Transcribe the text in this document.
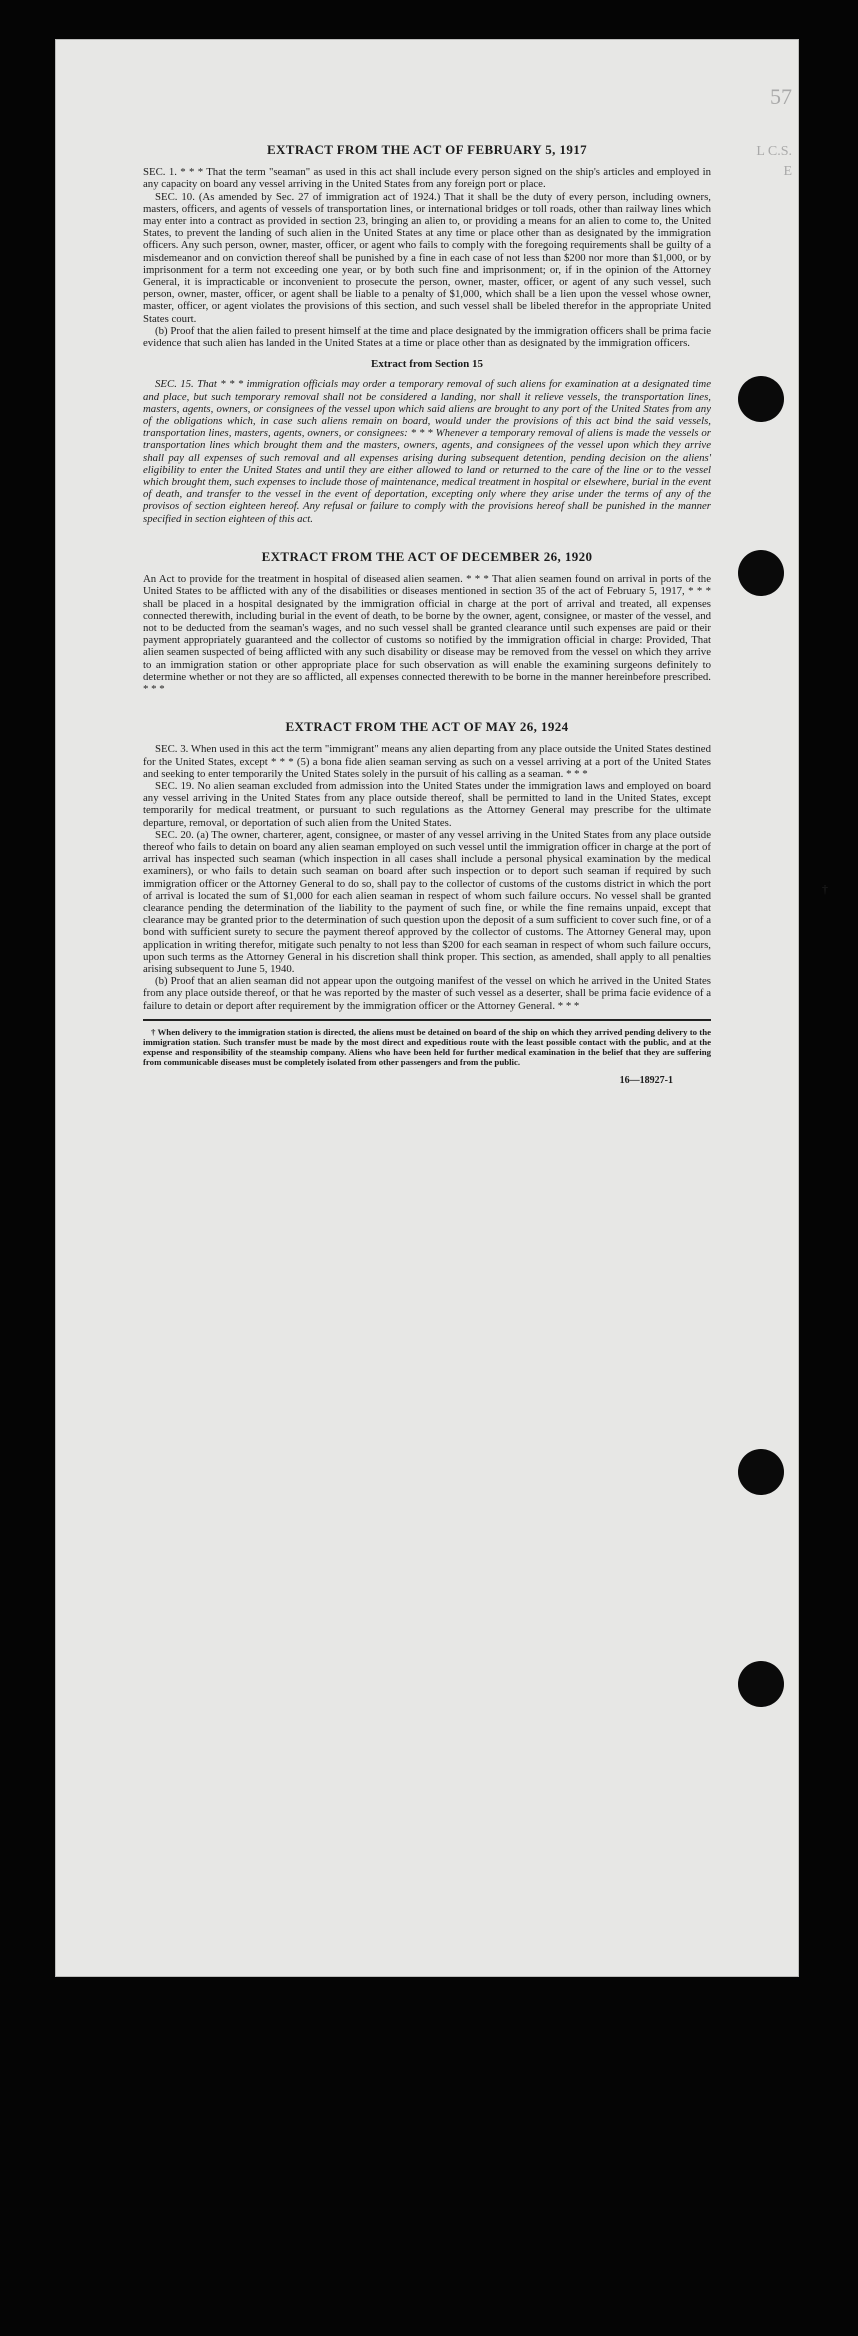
57
L C.S.
E
EXTRACT FROM THE ACT OF FEBRUARY 5, 1917

SEC. 1. * * * That the term "seaman" as used in this act shall include every person signed on the ship's articles and employed in any capacity on board any vessel arriving in the United States from any foreign port or place.

SEC. 10. (As amended by Sec. 27 of immigration act of 1924.) That it shall be the duty of every person, including owners, masters, officers, and agents of vessels of transportation lines, or international bridges or toll roads, other than railway lines which may enter into a contract as provided in section 23, bringing an alien to, or providing a means for an alien to come to, the United States, to prevent the landing of such alien in the United States at any time or place other than as designated by the immigration officers. Any such person, owner, master, officer, or agent who fails to comply with the foregoing requirements shall be guilty of a misdemeanor and on conviction thereof shall be punished by a fine in each case of not less than $200 nor more than $1,000, or by imprisonment for a term not exceeding one year, or by both such fine and imprisonment; or, if in the opinion of the Attorney General, it is impracticable or inconvenient to prosecute the person, owner, master, officer, or agent of any such vessel, such person, owner, master, officer, or agent shall be liable to a penalty of $1,000, which shall be a lien upon the vessel whose owner, master, officer, or agent violates the provisions of this section, and such vessel shall be libeled therefor in the appropriate United States court.

(b) Proof that the alien failed to present himself at the time and place designated by the immigration officers shall be prima facie evidence that such alien has landed in the United States at a time or place other than as designated by the immigration officers.

Extract from Section 15

SEC. 15. That * * * immigration officials may order a temporary removal of such aliens for examination at a designated time and place, but such temporary removal shall not be considered a landing, nor shall it relieve vessels, the transportation lines, masters, agents, owners, or consignees of the vessel upon which said aliens are brought to any port of the United States from any of the obligations which, in case such aliens remain on board, would under the provisions of this act bind the said vessels, transportation lines, masters, agents, owners, or consignees: * * * Whenever a temporary removal of aliens is made the vessels or transportation lines which brought them and the masters, owners, agents, and consignees of the vessel upon which they arrive shall pay all expenses of such removal and all expenses arising during subsequent detention, pending decision on the aliens' eligibility to enter the United States and until they are either allowed to land or returned to the care of the line or to the vessel which brought them, such expenses to include those of maintenance, medical treatment in hospital or elsewhere, burial in the event of death, and transfer to the vessel in the event of deportation, excepting only where they arise under the terms of any of the provisos of section eighteen hereof. Any refusal or failure to comply with the provisions hereof shall be punished in the manner specified in section eighteen of this act.

EXTRACT FROM THE ACT OF DECEMBER 26, 1920

An Act to provide for the treatment in hospital of diseased alien seamen. * * * That alien seamen found on arrival in ports of the United States to be afflicted with any of the disabilities or diseases mentioned in section 35 of the act of February 5, 1917, * * * shall be placed in a hospital designated by the immigration official in charge at the port of arrival and treated, all expenses connected therewith, including burial in the event of death, to be borne by the owner, agent, consignee, or master of the vessel, and not to be deducted from the seaman's wages, and no such vessel shall be granted clearance until such expenses are paid or their payment appropriately guaranteed and the collector of customs so notified by the immigration official in charge: Provided, That alien seamen suspected of being afflicted with any such disability or disease may be removed from the vessel on which they arrive to an immigration station or other appropriate place for such observation as will enable the examining surgeons definitely to determine whether or not they are so afflicted, all expenses connected therewith to be borne in the manner hereinbefore prescribed. * * *

EXTRACT FROM THE ACT OF MAY 26, 1924

SEC. 3. When used in this act the term "immigrant" means any alien departing from any place outside the United States destined for the United States, except * * * (5) a bona fide alien seaman serving as such on a vessel arriving at a port of the United States and seeking to enter temporarily the United States solely in the pursuit of his calling as a seaman. * * *

SEC. 19. No alien seaman excluded from admission into the United States under the immigration laws and employed on board any vessel arriving in the United States from any place outside thereof, shall be permitted to land in the United States, except temporarily for medical treatment, or pursuant to such regulations as the Attorney General may prescribe for the ultimate departure, removal, or deportation of such alien from the United States.

SEC. 20. (a) The owner, charterer, agent, consignee, or master of any vessel arriving in the United States from any place outside thereof who fails to detain on board any alien seaman employed on such vessel until the immigration officer in charge at the port of arrival has inspected such seaman (which inspection in all cases shall include a personal physical examination by the medical examiners), or who fails to detain such seaman on board after such inspection or to deport such seaman if required by such immigration officer or the Attorney General to do so, shall pay to the collector of customs of the customs district in which the port of arrival is located the sum of $1,000 for each alien seaman in respect of whom such failure occurs. No vessel shall be granted clearance pending the determination of the liability to the payment of such fine, or while the fine remains unpaid, except that clearance may be granted prior to the determination of such question upon the deposit of a sum sufficient to cover such fine, or of a bond with sufficient surety to secure the payment thereof approved by the collector of customs. The Attorney General may, upon application in writing therefor, mitigate such penalty to not less than $200 for each seaman in respect of whom such failure occurs, upon such terms as the Attorney General in his discretion shall think proper. This section, as amended, shall apply to all penalties arising subsequent to June 5, 1940.

(b) Proof that an alien seaman did not appear upon the outgoing manifest of the vessel on which he arrived in the United States from any place outside thereof, or that he was reported by the master of such vessel as a deserter, shall be prima facie evidence of a failure to detain or deport after requirement by the immigration officer or the Attorney General. * * *

† When delivery to the immigration station is directed, the aliens must be detained on board of the ship on which they arrived pending delivery to the immigration station. Such transfer must be made by the most direct and expeditious route with the least possible contact with the public, and at the expense and responsibility of the steamship company. Aliens who have been held for further medical examination in the belief that they are suffering from communicable diseases must be completely isolated from other passengers and from the public.

16—18927-1
†
